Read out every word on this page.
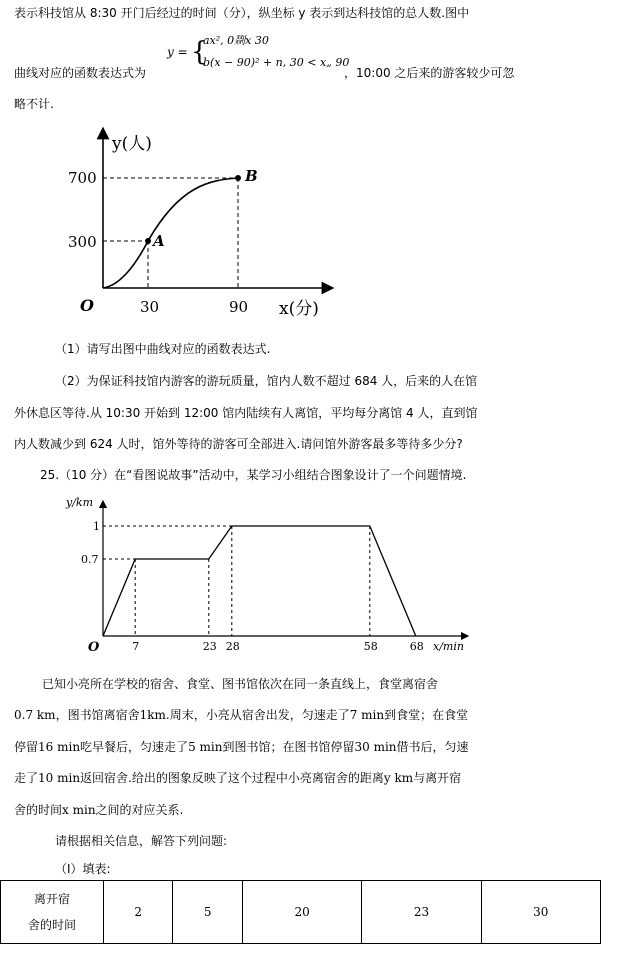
表示科技馆从 8:30 开门后经过的时间（分），纵坐标 y 表示到达科技馆的总人数.图中
y = {
ax², 0剟x 30
b(x − 90)² + n, 30 < x„ 90
曲线对应的函数表达式为	，10:00 之后来的游客较少可忽
略不计.
y(人)
x(分)
O
700
300
30	90
A
B
（1）请写出图中曲线对应的函数表达式.
（2）为保证科技馆内游客的游玩质量，馆内人数不超过 684 人，后来的人在馆
外休息区等待.从 10:30 开始到 12:00 馆内陆续有人离馆，平均每分离馆 4 人，直到馆
内人数减少到 624 人时，馆外等待的游客可全部进入.请问馆外游客最多等待多少分?
25.（10 分）在“看图说故事”活动中，某学习小组结合图象设计了一个问题情境.
y/km
x/min
O
1
0.7
7	23 28	58	68
已知小亮所在学校的宿舍、食堂、图书馆依次在同一条直线上，食堂离宿舍
0.7 km，图书馆离宿舍1km.周末，小亮从宿舍出发，匀速走了7 min到食堂；在食堂
停留16 min吃早餐后，匀速走了5 min到图书馆；在图书馆停留30 min借书后，匀速
走了10 min返回宿舍.给出的图象反映了这个过程中小亮离宿舍的距离y km与离开宿
舍的时间x min之间的对应关系.
请根据相关信息，解答下列问题:
（Ⅰ）填表:
离开宿
舍的时间	2	5	20	23	30
